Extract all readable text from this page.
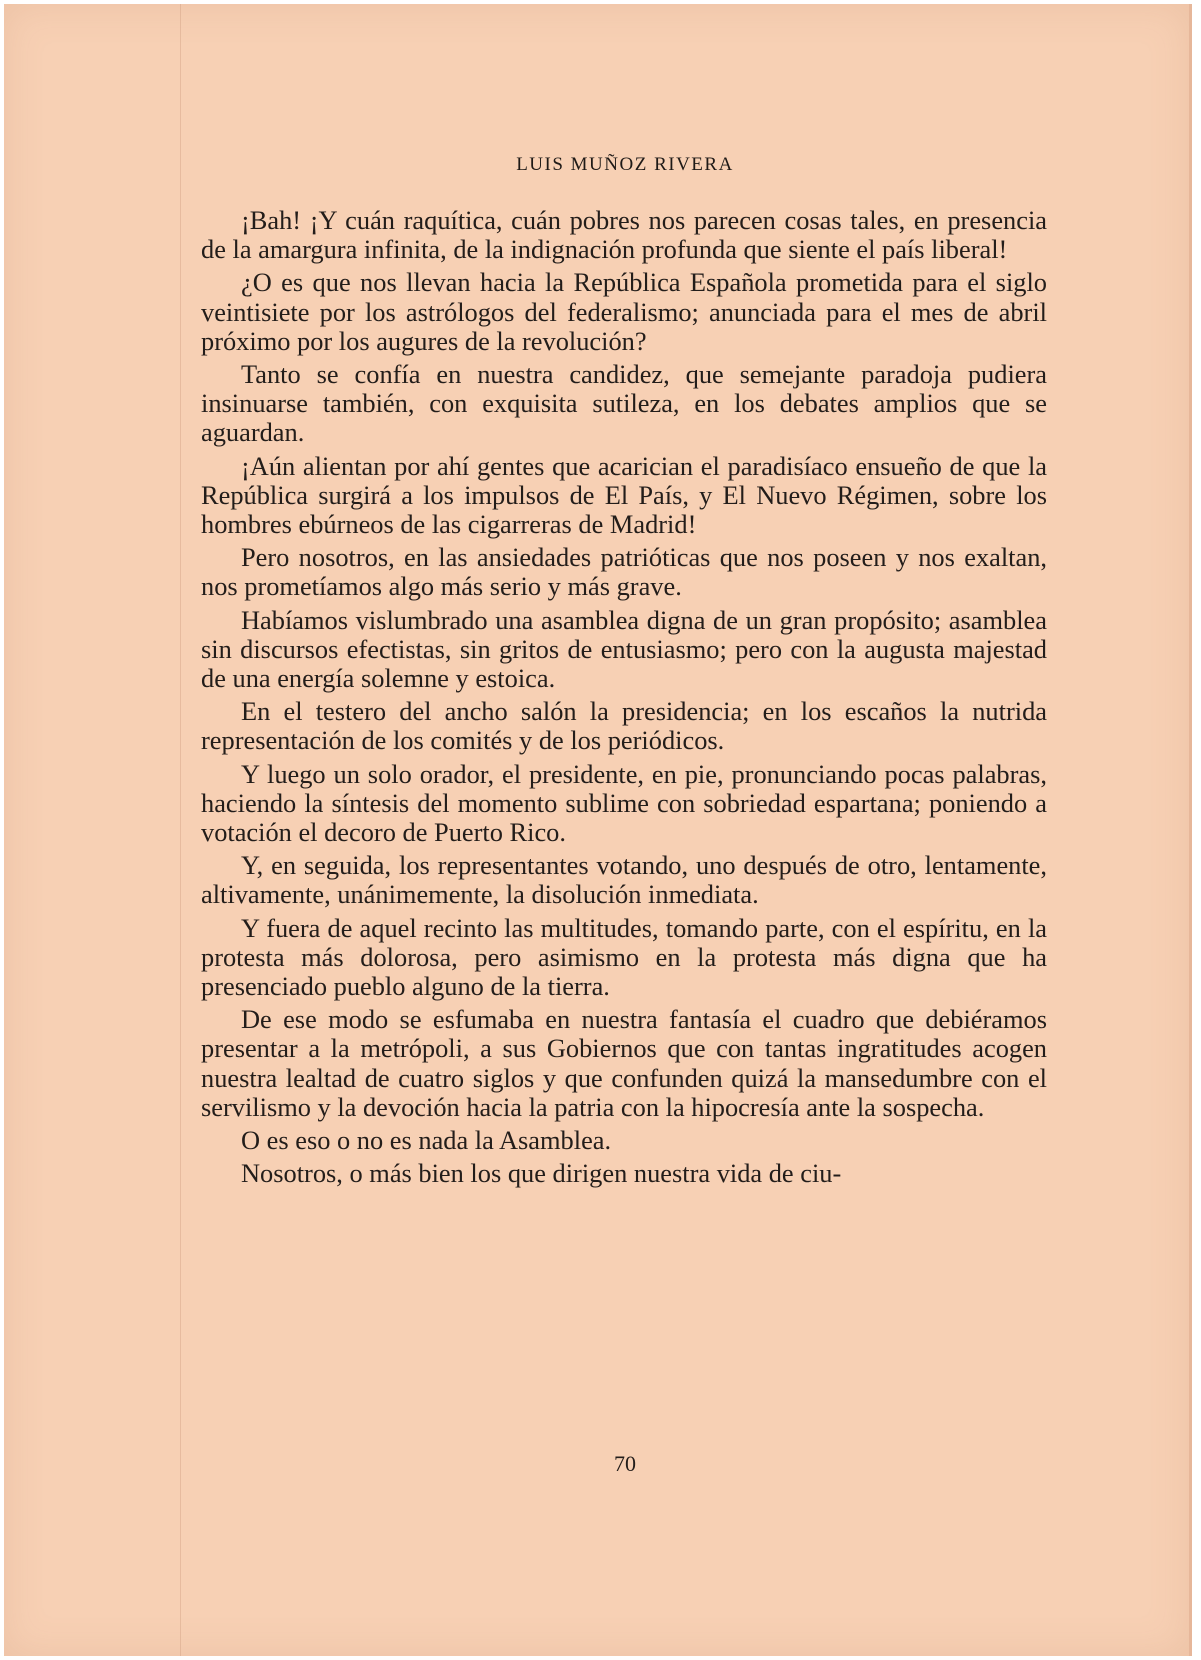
LUIS MUÑOZ RIVERA

¡Bah! ¡Y cuán raquítica, cuán pobres nos parecen cosas tales, en presencia de la amargura infinita, de la indignación profunda que siente el país liberal!

¿O es que nos llevan hacia la República Española prometida para el siglo veintisiete por los astrólogos del federalismo; anunciada para el mes de abril próximo por los augures de la revolución?

Tanto se confía en nuestra candidez, que semejante paradoja pudiera insinuarse también, con exquisita sutileza, en los debates amplios que se aguardan.

¡Aún alientan por ahí gentes que acarician el paradisíaco ensueño de que la República surgirá a los impulsos de El País, y El Nuevo Régimen, sobre los hombres ebúrneos de las cigarreras de Madrid!

Pero nosotros, en las ansiedades patrióticas que nos poseen y nos exaltan, nos prometíamos algo más serio y más grave.

Habíamos vislumbrado una asamblea digna de un gran propósito; asamblea sin discursos efectistas, sin gritos de entusiasmo; pero con la augusta majestad de una energía solemne y estoica.

En el testero del ancho salón la presidencia; en los escaños la nutrida representación de los comités y de los periódicos.

Y luego un solo orador, el presidente, en pie, pronunciando pocas palabras, haciendo la síntesis del momento sublime con sobriedad espartana; poniendo a votación el decoro de Puerto Rico.

Y, en seguida, los representantes votando, uno después de otro, lentamente, altivamente, unánimemente, la disolución inmediata.

Y fuera de aquel recinto las multitudes, tomando parte, con el espíritu, en la protesta más dolorosa, pero asimismo en la protesta más digna que ha presenciado pueblo alguno de la tierra.

De ese modo se esfumaba en nuestra fantasía el cuadro que debiéramos presentar a la metrópoli, a sus Gobiernos que con tantas ingratitudes acogen nuestra lealtad de cuatro siglos y que confunden quizá la mansedumbre con el servilismo y la devoción hacia la patria con la hipocresía ante la sospecha.

O es eso o no es nada la Asamblea.

Nosotros, o más bien los que dirigen nuestra vida de ciu-

70
